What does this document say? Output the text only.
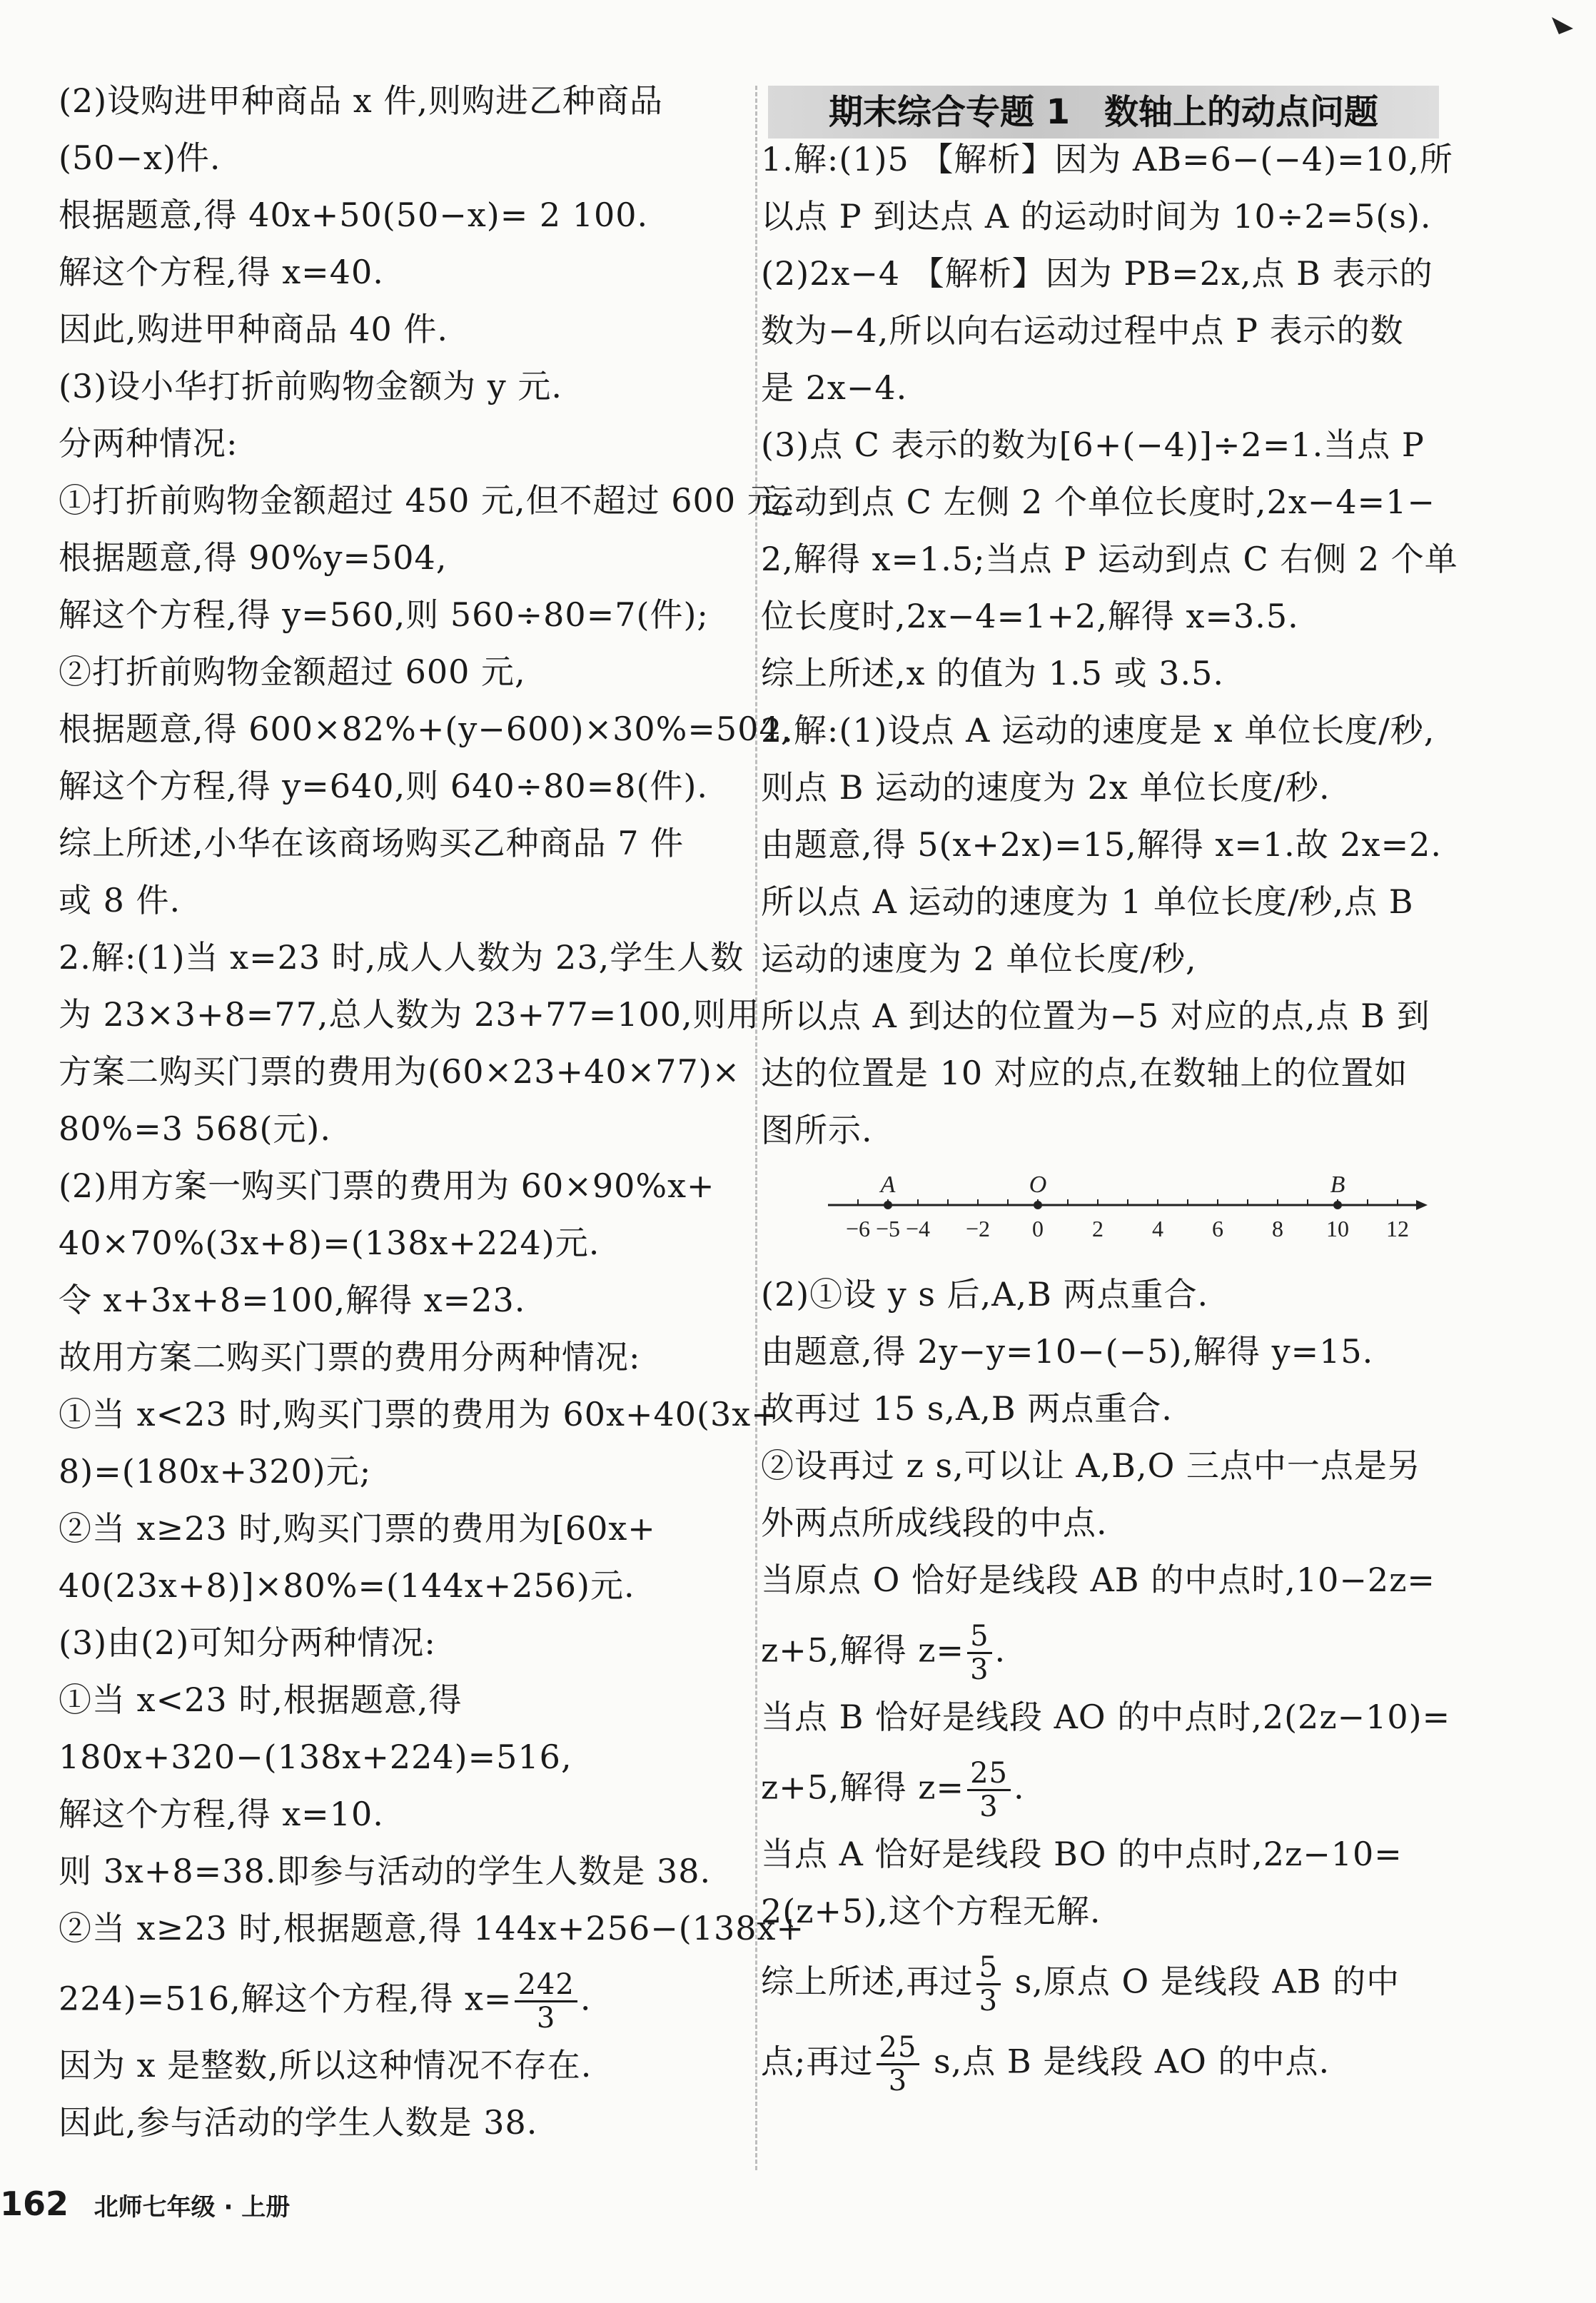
(2)设购进甲种商品 x 件,则购进乙种商品
(50−x)件.
根据题意,得 40x+50(50−x)= 2 100.
解这个方程,得 x=40.
因此,购进甲种商品 40 件.
(3)设小华打折前购物金额为 y 元.
分两种情况:
①打折前购物金额超过 450 元,但不超过 600 元,
根据题意,得 90%y=504,
解这个方程,得 y=560,则 560÷80=7(件);
②打折前购物金额超过 600 元,
根据题意,得 600×82%+(y−600)×30%=504,
解这个方程,得 y=640,则 640÷80=8(件).
综上所述,小华在该商场购买乙种商品 7 件
或 8 件.
2.解:(1)当 x=23 时,成人人数为 23,学生人数
为 23×3+8=77,总人数为 23+77=100,则用
方案二购买门票的费用为(60×23+40×77)×
80%=3 568(元).
(2)用方案一购买门票的费用为 60×90%x+
40×70%(3x+8)=(138x+224)元.
令 x+3x+8=100,解得 x=23.
故用方案二购买门票的费用分两种情况:
①当 x<23 时,购买门票的费用为 60x+40(3x+
8)=(180x+320)元;
②当 x≥23 时,购买门票的费用为[60x+
40(23x+8)]×80%=(144x+256)元.
(3)由(2)可知分两种情况:
①当 x<23 时,根据题意,得
180x+320−(138x+224)=516,
解这个方程,得 x=10.
则 3x+8=38.即参与活动的学生人数是 38.
②当 x≥23 时,根据题意,得 144x+256−(138x+
224)=516,解这个方程,得 $x= \frac{242}{3}$ .
因为 x 是整数,所以这种情况不存在.
因此,参与活动的学生人数是 38.
期末综合专题 1　数轴上的动点问题
1.解:(1)5 【解析】因为 AB=6−(−4)=10,所
以点 P 到达点 A 的运动时间为 10÷2=5(s).
(2)2x−4 【解析】因为 PB=2x,点 B 表示的
数为−4,所以向右运动过程中点 P 表示的数
是 2x−4.
(3)点 C 表示的数为[6+(−4)]÷2=1.当点 P
运动到点 C 左侧 2 个单位长度时,2x−4=1−
2,解得 x=1.5;当点 P 运动到点 C 右侧 2 个单
位长度时,2x−4=1+2,解得 x=3.5.
综上所述,x 的值为 1.5 或 3.5.
2.解:(1)设点 A 运动的速度是 x 单位长度/秒,
则点 B 运动的速度为 2x 单位长度/秒.
由题意,得 5(x+2x)=15,解得 x=1.故 2x=2.
所以点 A 运动的速度为 1 单位长度/秒,点 B
运动的速度为 2 单位长度/秒,
所以点 A 到达的位置为−5 对应的点,点 B 到
达的位置是 10 对应的点,在数轴上的位置如
图所示.
(2)①设 y s 后,A,B 两点重合.
由题意,得 2y−y=10−(−5),解得 y=15.
故再过 15 s,A,B 两点重合.
②设再过 z s,可以让 A,B,O 三点中一点是另
外两点所成线段的中点.
当原点 O 恰好是线段 AB 的中点时,10−2z=
z+5,解得 $z= \frac{5}{3}$ .
当点 B 恰好是线段 AO 的中点时,2(2z−10)=
z+5,解得 $z= \frac{25}{3}$ .
当点 A 恰好是线段 BO 的中点时,2z−10=
2(z+5),这个方程无解.
综上所述,再过 $\frac{5}{3} s$,原点 O 是线段 AB 的中
点;再过 $\frac{25}{3} s$,点 B 是线段 AO 的中点.
−6 −5 −4 −2 0 2 4 6 8 10 12
A	O	B
162 北师七年级 · 上册
